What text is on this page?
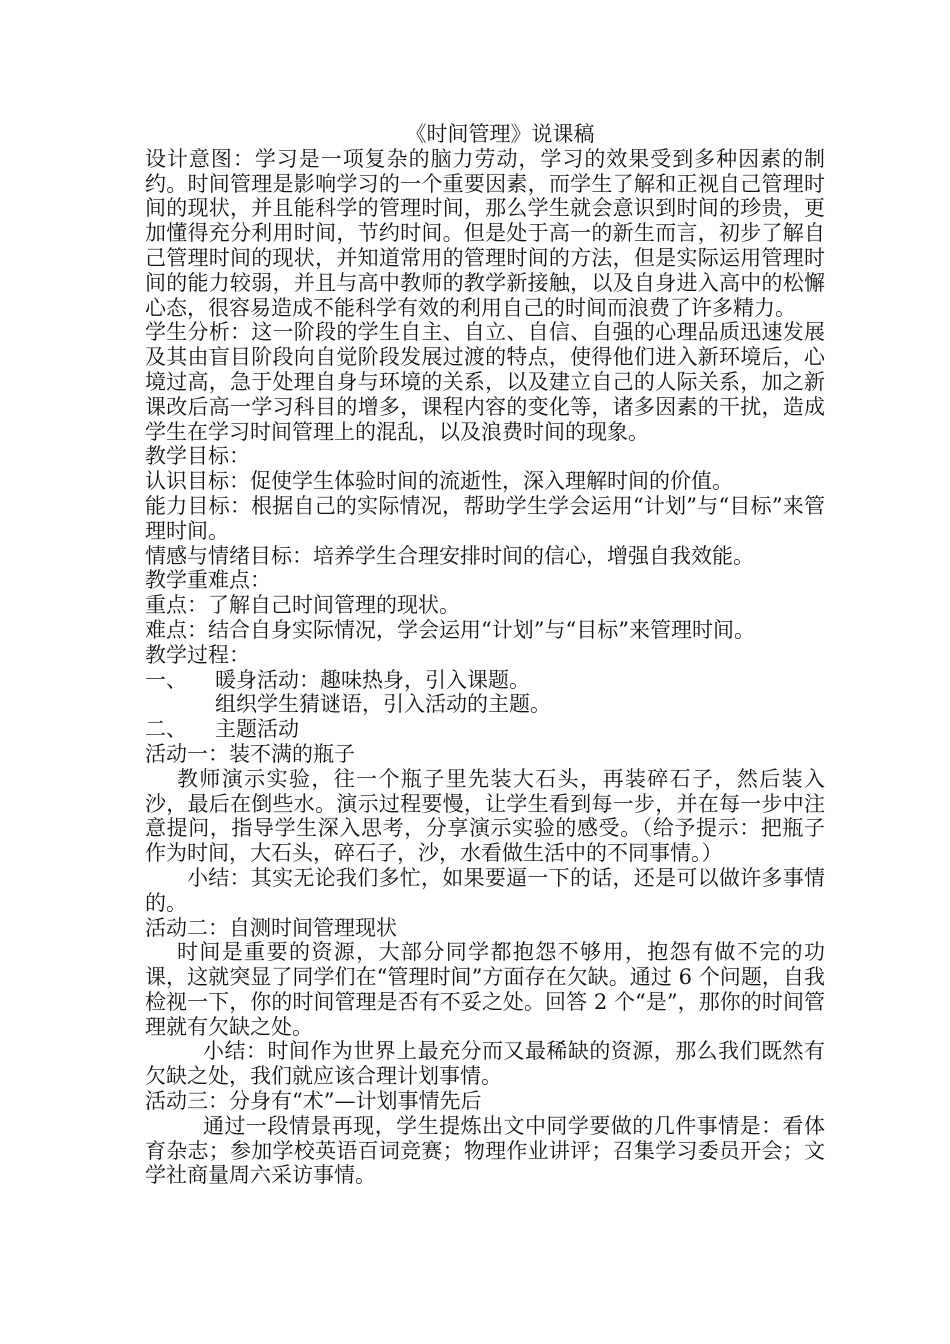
《时间管理》说课稿

设计意图：学习是一项复杂的脑力劳动，学习的效果受到多种因素的制约。时间管理是影响学习的一个重要因素，而学生了解和正视自己管理时间的现状，并且能科学的管理时间，那么学生就会意识到时间的珍贵，更加懂得充分利用时间，节约时间。但是处于高一的新生而言，初步了解自己管理时间的现状，并知道常用的管理时间的方法，但是实际运用管理时间的能力较弱，并且与高中教师的教学新接触，以及自身进入高中的松懈心态，很容易造成不能科学有效的利用自己的时间而浪费了许多精力。

学生分析：这一阶段的学生自主、自立、自信、自强的心理品质迅速发展及其由盲目阶段向自觉阶段发展过渡的特点，使得他们进入新环境后，心境过高，急于处理自身与环境的关系，以及建立自己的人际关系，加之新课改后高一学习科目的增多，课程内容的变化等，诸多因素的干扰，造成学生在学习时间管理上的混乱，以及浪费时间的现象。

教学目标：

认识目标：促使学生体验时间的流逝性，深入理解时间的价值。

能力目标：根据自己的实际情况，帮助学生学会运用“计划”与“目标”来管理时间。

情感与情绪目标：培养学生合理安排时间的信心，增强自我效能。

教学重难点：

重点：了解自己时间管理的现状。

难点：结合自身实际情况，学会运用“计划”与“目标”来管理时间。

教学过程：

一、	暖身活动：趣味热身，引入课题。

组织学生猜谜语，引入活动的主题。

二、	主题活动

活动一：装不满的瓶子

教师演示实验，往一个瓶子里先装大石头，再装碎石子，然后装入沙，最后在倒些水。演示过程要慢，让学生看到每一步，并在每一步中注意提问，指导学生深入思考，分享演示实验的感受。（给予提示：把瓶子作为时间，大石头，碎石子，沙，水看做生活中的不同事情。）

小结：其实无论我们多忙，如果要逼一下的话，还是可以做许多事情的。

活动二：自测时间管理现状

时间是重要的资源，大部分同学都抱怨不够用，抱怨有做不完的功课，这就突显了同学们在“管理时间”方面存在欠缺。通过 6 个问题，自我检视一下，你的时间管理是否有不妥之处。回答 2 个“是”，那你的时间管理就有欠缺之处。

小结：时间作为世界上最充分而又最稀缺的资源，那么我们既然有欠缺之处，我们就应该合理计划事情。

活动三：分身有“术”—计划事情先后

通过一段情景再现，学生提炼出文中同学要做的几件事情是：看体育杂志；参加学校英语百词竞赛；物理作业讲评；召集学习委员开会；文学社商量周六采访事情。
